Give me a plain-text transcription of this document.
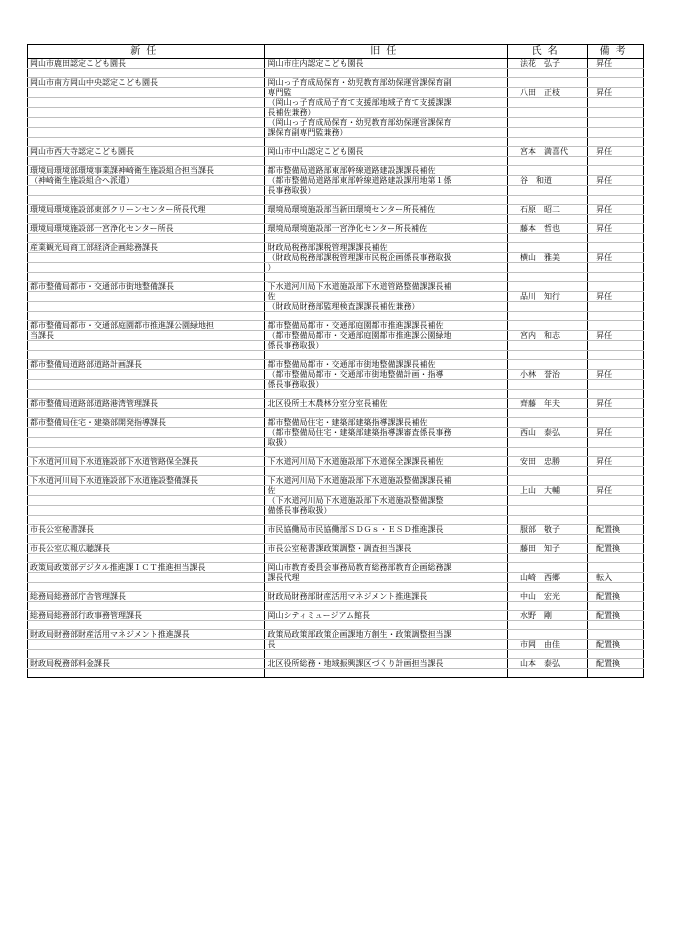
新任	旧任	氏名	備考
岡山市鹿田認定こども園長	岡山市庄内認定こども園長	法花　弘子	昇任

岡山市南方岡山中央認定こども園長	岡山っ子育成局保育・幼児教育部幼保運営課保育副		
	専門監	八田　正枝	昇任
	（岡山っ子育成局子育て支援部地域子育て支援課課		
	長補佐兼務）		
	（岡山っ子育成局保育・幼児教育部幼保運営課保育		
	課保育副専門監兼務）		

岡山市西大寺認定こども園長	岡山市中山認定こども園長	宮本　満喜代	昇任

環境局環境部環境事業課神崎衛生施設組合担当課長	都市整備局道路部東部幹線道路建設課課長補佐		
（神崎衛生施設組合へ派遣）	（都市整備局道路部東部幹線道路建設課用地第１係	谷　和道	昇任
	長事務取扱）		

環境局環境施設部東部クリーンセンター所長代理	環境局環境施設部当新田環境センター所長補佐	石原　昭二	昇任

環境局環境施設部一宮浄化センター所長	環境局環境施設部一宮浄化センター所長補佐	藤本　哲也	昇任

産業観光局商工部経済企画総務課長	財政局税務部課税管理課課長補佐		
	（財政局税務部課税管理課市民税企画係長事務取扱	横山　雅美	昇任
	）		

都市整備局都市・交通部市街地整備課長	下水道河川局下水道施設部下水道管路整備課課長補		
	佐	品川　知行	昇任
	（財政局財務部監理検査課課長補佐兼務）		

都市整備局都市・交通部庭園都市推進課公園緑地担	都市整備局都市・交通部庭園都市推進課課長補佐		
当課長	（都市整備局都市・交通部庭園都市推進課公園緑地	宮内　和志	昇任
	係長事務取扱）		

都市整備局道路部道路計画課長	都市整備局都市・交通部市街地整備課課長補佐		
	（都市整備局都市・交通部市街地整備計画・指導	小林　誉治	昇任
	係長事務取扱）		

都市整備局道路部道路港湾管理課長	北区役所土木農林分室分室長補佐	齊藤　年夫	昇任

都市整備局住宅・建築部開発指導課長	都市整備局住宅・建築部建築指導課課長補佐		
	（都市整備局住宅・建築部建築指導課審査係長事務	西山　泰弘	昇任
	取扱）		

下水道河川局下水道施設部下水道管路保全課長	下水道河川局下水道施設部下水道保全課課長補佐	安田　忠勝	昇任

下水道河川局下水道施設部下水道施設整備課長	下水道河川局下水道施設部下水道施設整備課課長補		
	佐	上山　大輔	昇任
	（下水道河川局下水道施設部下水道施設整備課整		
	備係長事務取扱）		

市長公室秘書課長	市民協働局市民協働部ＳＤＧｓ・ＥＳＤ推進課長	服部　敬子	配置換

市長公室広報広聴課長	市長公室秘書課政策調整・調査担当課長	藤田　知子	配置換

政策局政策部デジタル推進課ＩＣＴ推進担当課長	岡山市教育委員会事務局教育総務部教育企画総務課		
	課長代理	山崎　西郷	転入

総務局総務部庁舎管理課長	財政局財務部財産活用マネジメント推進課長	中山　宏光	配置換

総務局総務部行政事務管理課長	岡山シティミュージアム館長	水野　剛	配置換

財政局財務部財産活用マネジメント推進課長	政策局政策部政策企画課地方創生・政策調整担当課		
	長	市岡　由佳	配置換

財政局税務部料金課長	北区役所総務・地域振興課区づくり計画担当課長	山本　泰弘	配置換
